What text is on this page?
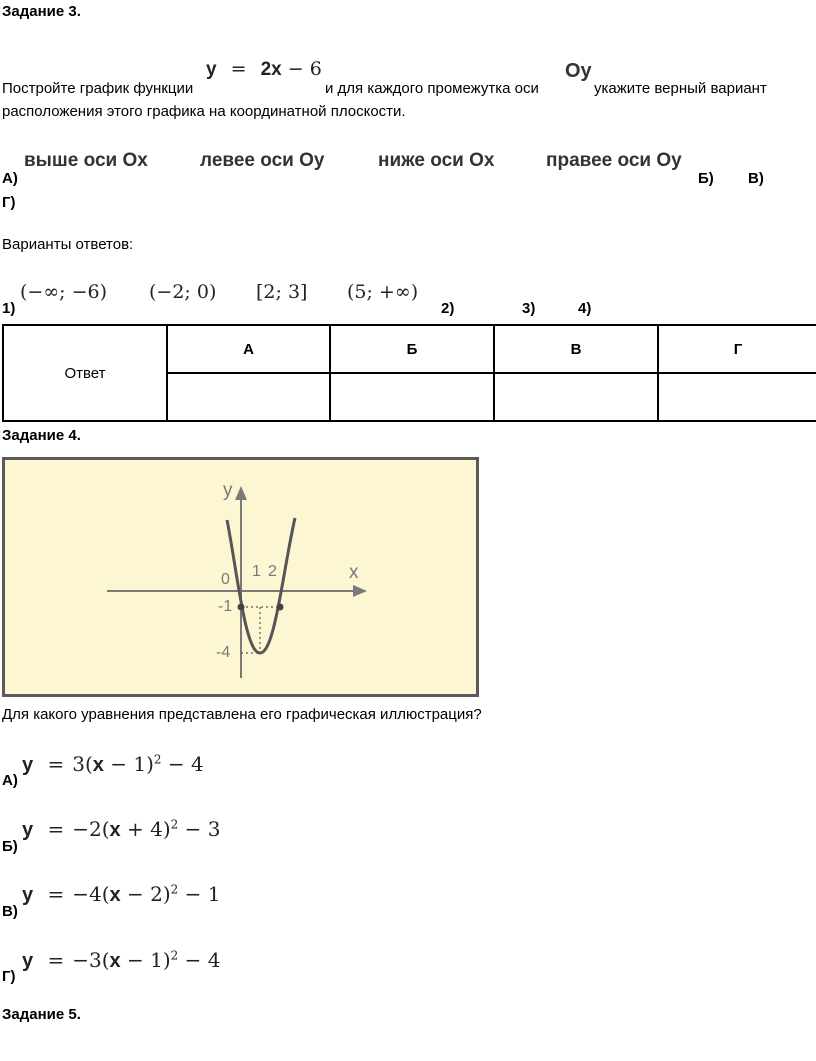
Задание 3.
Постройте график функции
y = 2x − 6
и для каждого промежутка оси
Oy
укажите верный вариант
расположения этого графика на координатной плоскости.
выше оси Ox	левее оси Oy	ниже оси Ox	правее оси Oy
А)	Б) В)
Г)
Варианты ответов:
(−∞; −6) (−2; 0) [2; 3] (5; +∞)
1)	2)	3)	4)
Ответ	А	Б	В	Г

Задание 4.
y
x
0 1 2
-1
-4
Для какого уравнения представлена его графическая иллюстрация?
$y = 3(x - 1)^2 - 4$
А)
$y = -2(x + 4)^2 - 3$
Б)
$y = -4(x - 2)^2 - 1$
В)
$y = -3(x - 1)^2 - 4$
Г)
Задание 5.
